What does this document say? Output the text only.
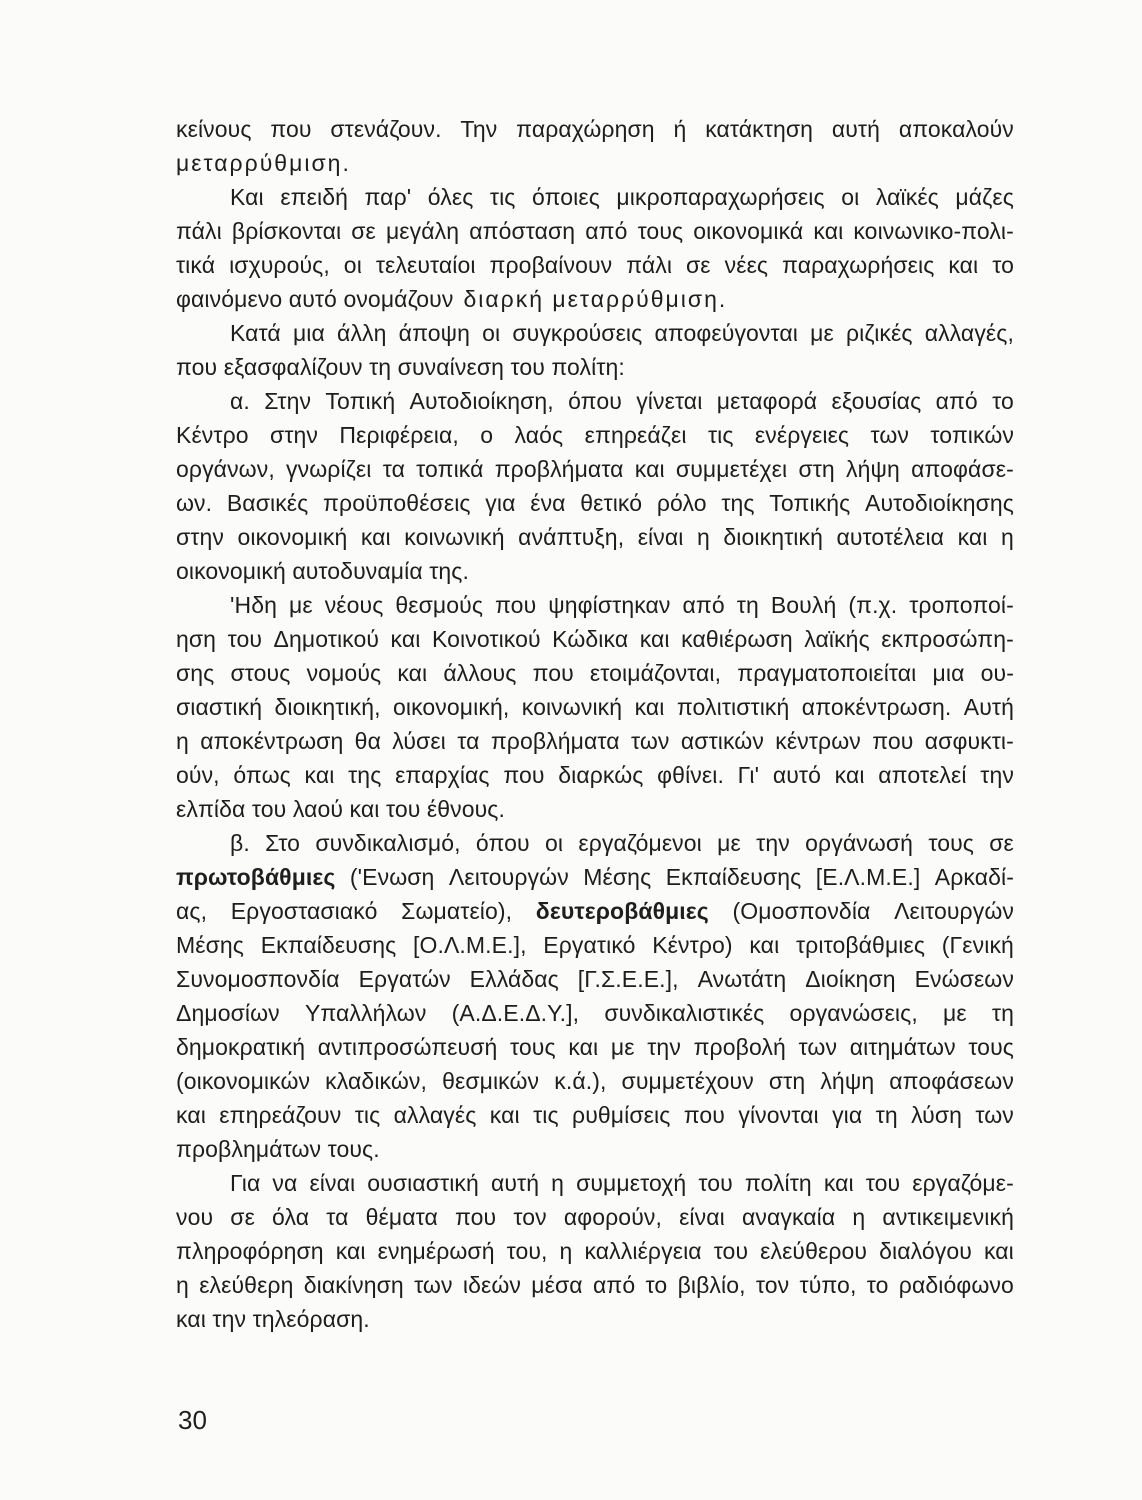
κείνους που στενάζουν. Την παραχώρηση ή κατάκτηση αυτή αποκαλούν
μεταρρύθμιση.
Και επειδή παρ' όλες τις όποιες μικροπαραχωρήσεις οι λαϊκές μάζες
πάλι βρίσκονται σε μεγάλη απόσταση από τους οικονομικά και κοινωνικο-πολι-
τικά ισχυρούς, οι τελευταίοι προβαίνουν πάλι σε νέες παραχωρήσεις και το
φαινόμενο αυτό ονομάζουν διαρκή μεταρρύθμιση.
Κατά μια άλλη άποψη οι συγκρούσεις αποφεύγονται με ριζικές αλλαγές,
που εξασφαλίζουν τη συναίνεση του πολίτη:
α. Στην Τοπική Αυτοδιοίκηση, όπου γίνεται μεταφορά εξουσίας από το
Κέντρο στην Περιφέρεια, ο λαός επηρεάζει τις ενέργειες των τοπικών
οργάνων, γνωρίζει τα τοπικά προβλήματα και συμμετέχει στη λήψη αποφάσε-
ων. Βασικές προϋποθέσεις για ένα θετικό ρόλο της Τοπικής Αυτοδιοίκησης
στην οικονομική και κοινωνική ανάπτυξη, είναι η διοικητική αυτοτέλεια και η
οικονομική αυτοδυναμία της.
'Ηδη με νέους θεσμούς που ψηφίστηκαν από τη Βουλή (π.χ. τροποποί-
ηση του Δημοτικού και Κοινοτικού Κώδικα και καθιέρωση λαϊκής εκπροσώπη-
σης στους νομούς και άλλους που ετοιμάζονται, πραγματοποιείται μια ου-
σιαστική διοικητική, οικονομική, κοινωνική και πολιτιστική αποκέντρωση. Αυτή
η αποκέντρωση θα λύσει τα προβλήματα των αστικών κέντρων που ασφυκτι-
ούν, όπως και της επαρχίας που διαρκώς φθίνει. Γι' αυτό και αποτελεί την
ελπίδα του λαού και του έθνους.
β. Στο συνδικαλισμό, όπου οι εργαζόμενοι με την οργάνωσή τους σε
πρωτοβάθμιες ('Ενωση Λειτουργών Μέσης Εκπαίδευσης [Ε.Λ.Μ.Ε.] Αρκαδί-
ας, Εργοστασιακό Σωματείο), δευτεροβάθμιες (Ομοσπονδία Λειτουργών
Μέσης Εκπαίδευσης [Ο.Λ.Μ.Ε.], Εργατικό Κέντρο) και τριτοβάθμιες (Γενική
Συνομοσπονδία Εργατών Ελλάδας [Γ.Σ.Ε.Ε.], Ανωτάτη Διοίκηση Ενώσεων
Δημοσίων Υπαλλήλων (Α.Δ.Ε.Δ.Υ.], συνδικαλιστικές οργανώσεις, με τη
δημοκρατική αντιπροσώπευσή τους και με την προβολή των αιτημάτων τους
(οικονομικών κλαδικών, θεσμικών κ.ά.), συμμετέχουν στη λήψη αποφάσεων
και επηρεάζουν τις αλλαγές και τις ρυθμίσεις που γίνονται για τη λύση των
προβλημάτων τους.
Για να είναι ουσιαστική αυτή η συμμετοχή του πολίτη και του εργαζόμε-
νου σε όλα τα θέματα που τον αφορούν, είναι αναγκαία η αντικειμενική
πληροφόρηση και ενημέρωσή του, η καλλιέργεια του ελεύθερου διαλόγου και
η ελεύθερη διακίνηση των ιδεών μέσα από το βιβλίο, τον τύπο, το ραδιόφωνο
και την τηλεόραση.
30
